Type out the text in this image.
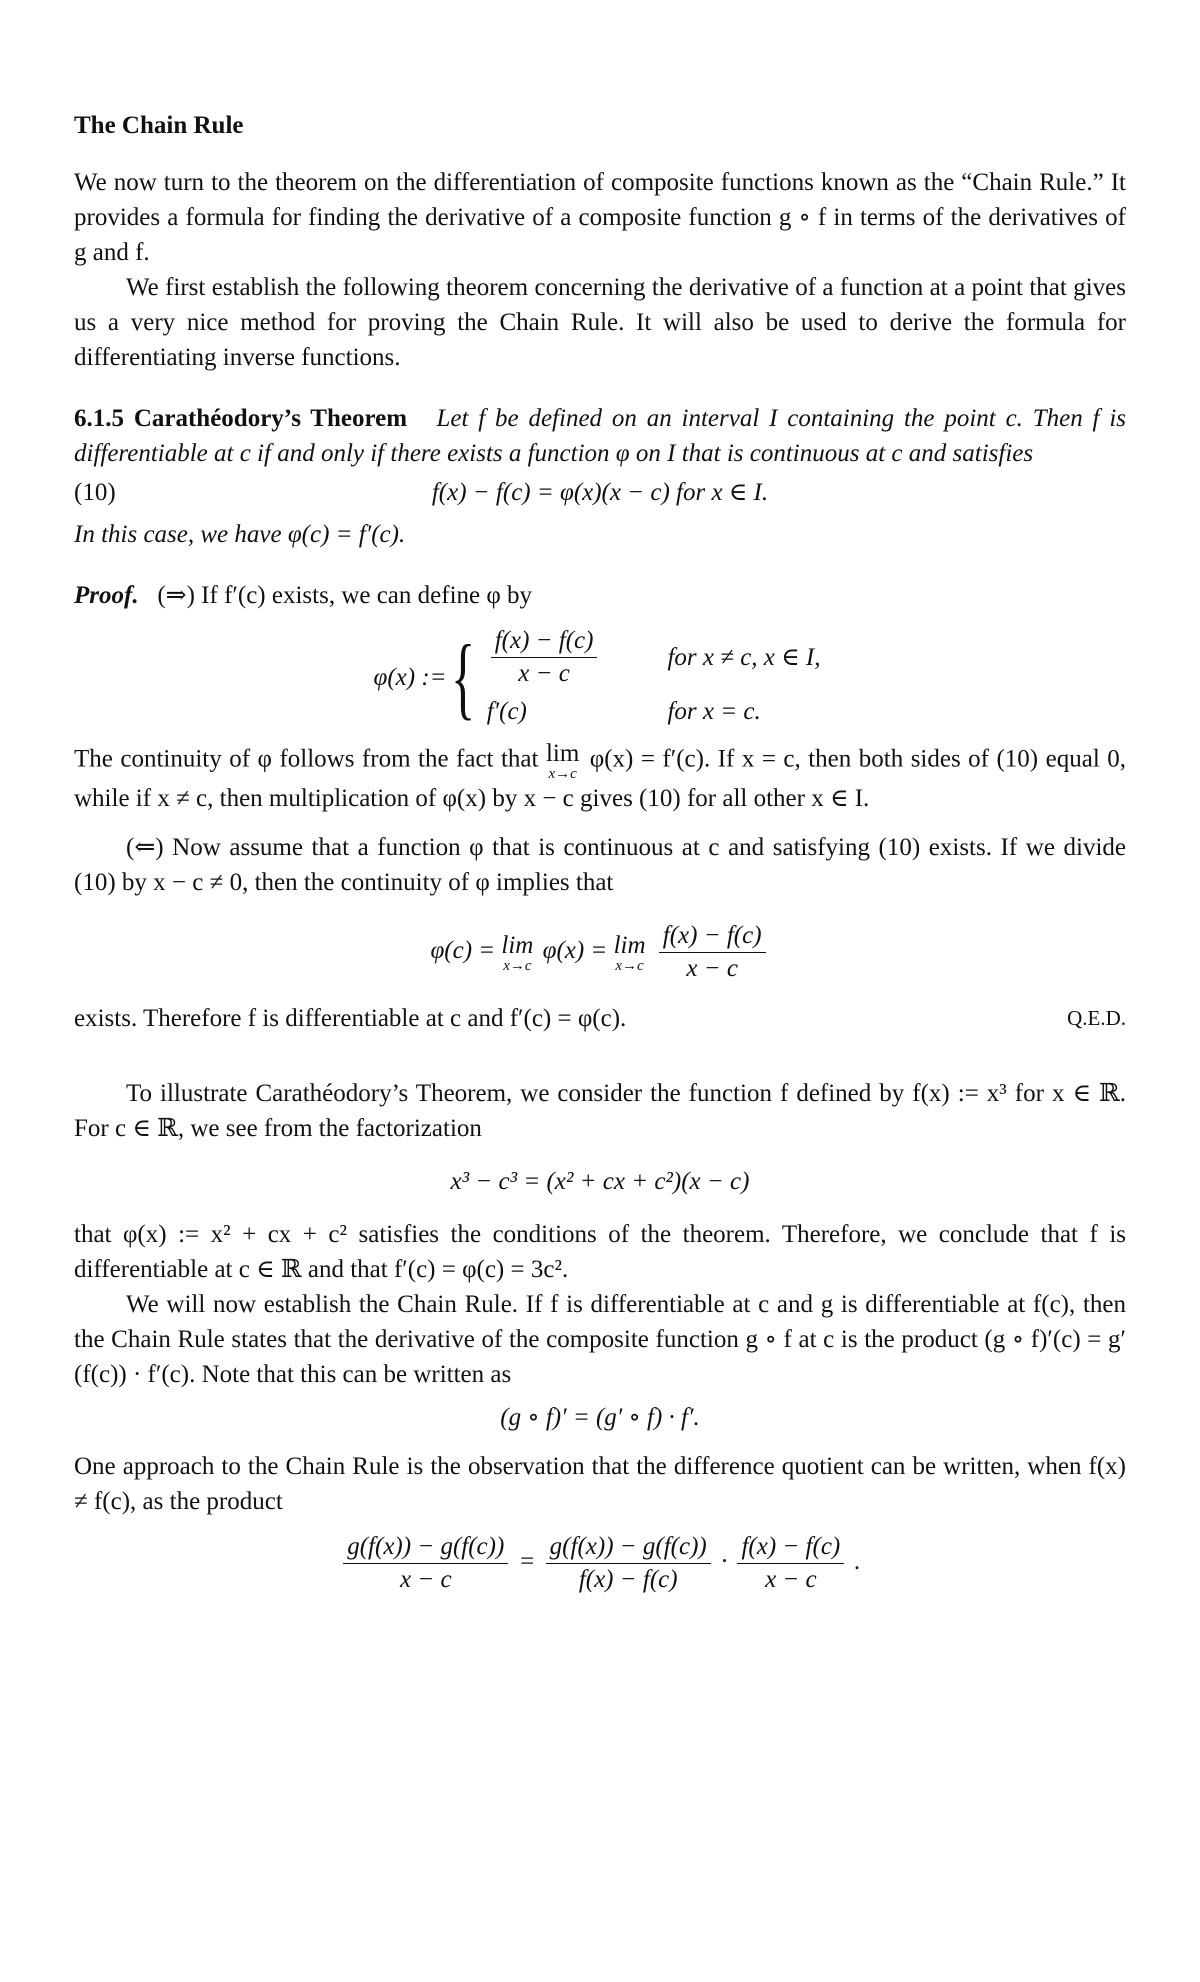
The Chain Rule

We now turn to the theorem on the differentiation of composite functions known as the “Chain Rule.” It provides a formula for finding the derivative of a composite function g ∘ f in terms of the derivatives of g and f.

We first establish the following theorem concerning the derivative of a function at a point that gives us a very nice method for proving the Chain Rule. It will also be used to derive the formula for differentiating inverse functions.

6.1.5 Carathéodory’s Theorem Let f be defined on an interval I containing the point c. Then f is differentiable at c if and only if there exists a function φ on I that is continuous at c and satisfies

(10)	f(x) − f(c) = φ(x)(x − c) for x ∈ I.

In this case, we have φ(c) = f′(c).

Proof. (⇒) If f′(c) exists, we can define φ by

φ(x) := { $\frac{f(x) - f(c)}{x - c}$	for x ≠ c, x ∈ I,
f′(c)	for x = c.

The continuity of φ follows from the fact that lim
x→c
φ(x) = f′(c). If x = c, then both sides of (10) equal 0, while if x ≠ c, then multiplication of φ(x) by x − c gives (10) for all other x ∈ I.

(⇐) Now assume that a function φ that is continuous at c and satisfying (10) exists. If we divide (10) by x − c ≠ 0, then the continuity of φ implies that

φ(c) = lim
x→c
φ(x) = lim
x→c
$\frac{f(x) - f(c)}{x - c}$

exists. Therefore f is differentiable at c and f′(c) = φ(c).	Q.E.D.

To illustrate Carathéodory’s Theorem, we consider the function f defined by f(x) := x³ for x ∈ ℝ. For c ∈ ℝ, we see from the factorization

x³ − c³ = (x² + cx + c²)(x − c)

that φ(x) := x² + cx + c² satisfies the conditions of the theorem. Therefore, we conclude that f is differentiable at c ∈ ℝ and that f′(c) = φ(c) = 3c².

We will now establish the Chain Rule. If f is differentiable at c and g is differentiable at f(c), then the Chain Rule states that the derivative of the composite function g ∘ f at c is the product (g ∘ f)′(c) = g′(f(c)) · f′(c). Note that this can be written as

(g ∘ f)′ = (g′ ∘ f) · f′.

One approach to the Chain Rule is the observation that the difference quotient can be written, when f(x) ≠ f(c), as the product

$\frac{g(f(x)) - g(f(c))}{x - c} = \frac{g(f(x)) - g(f(c))}{f(x) - f(c)} \cdot \frac{f(x) - f(c)}{x - c}$ .
